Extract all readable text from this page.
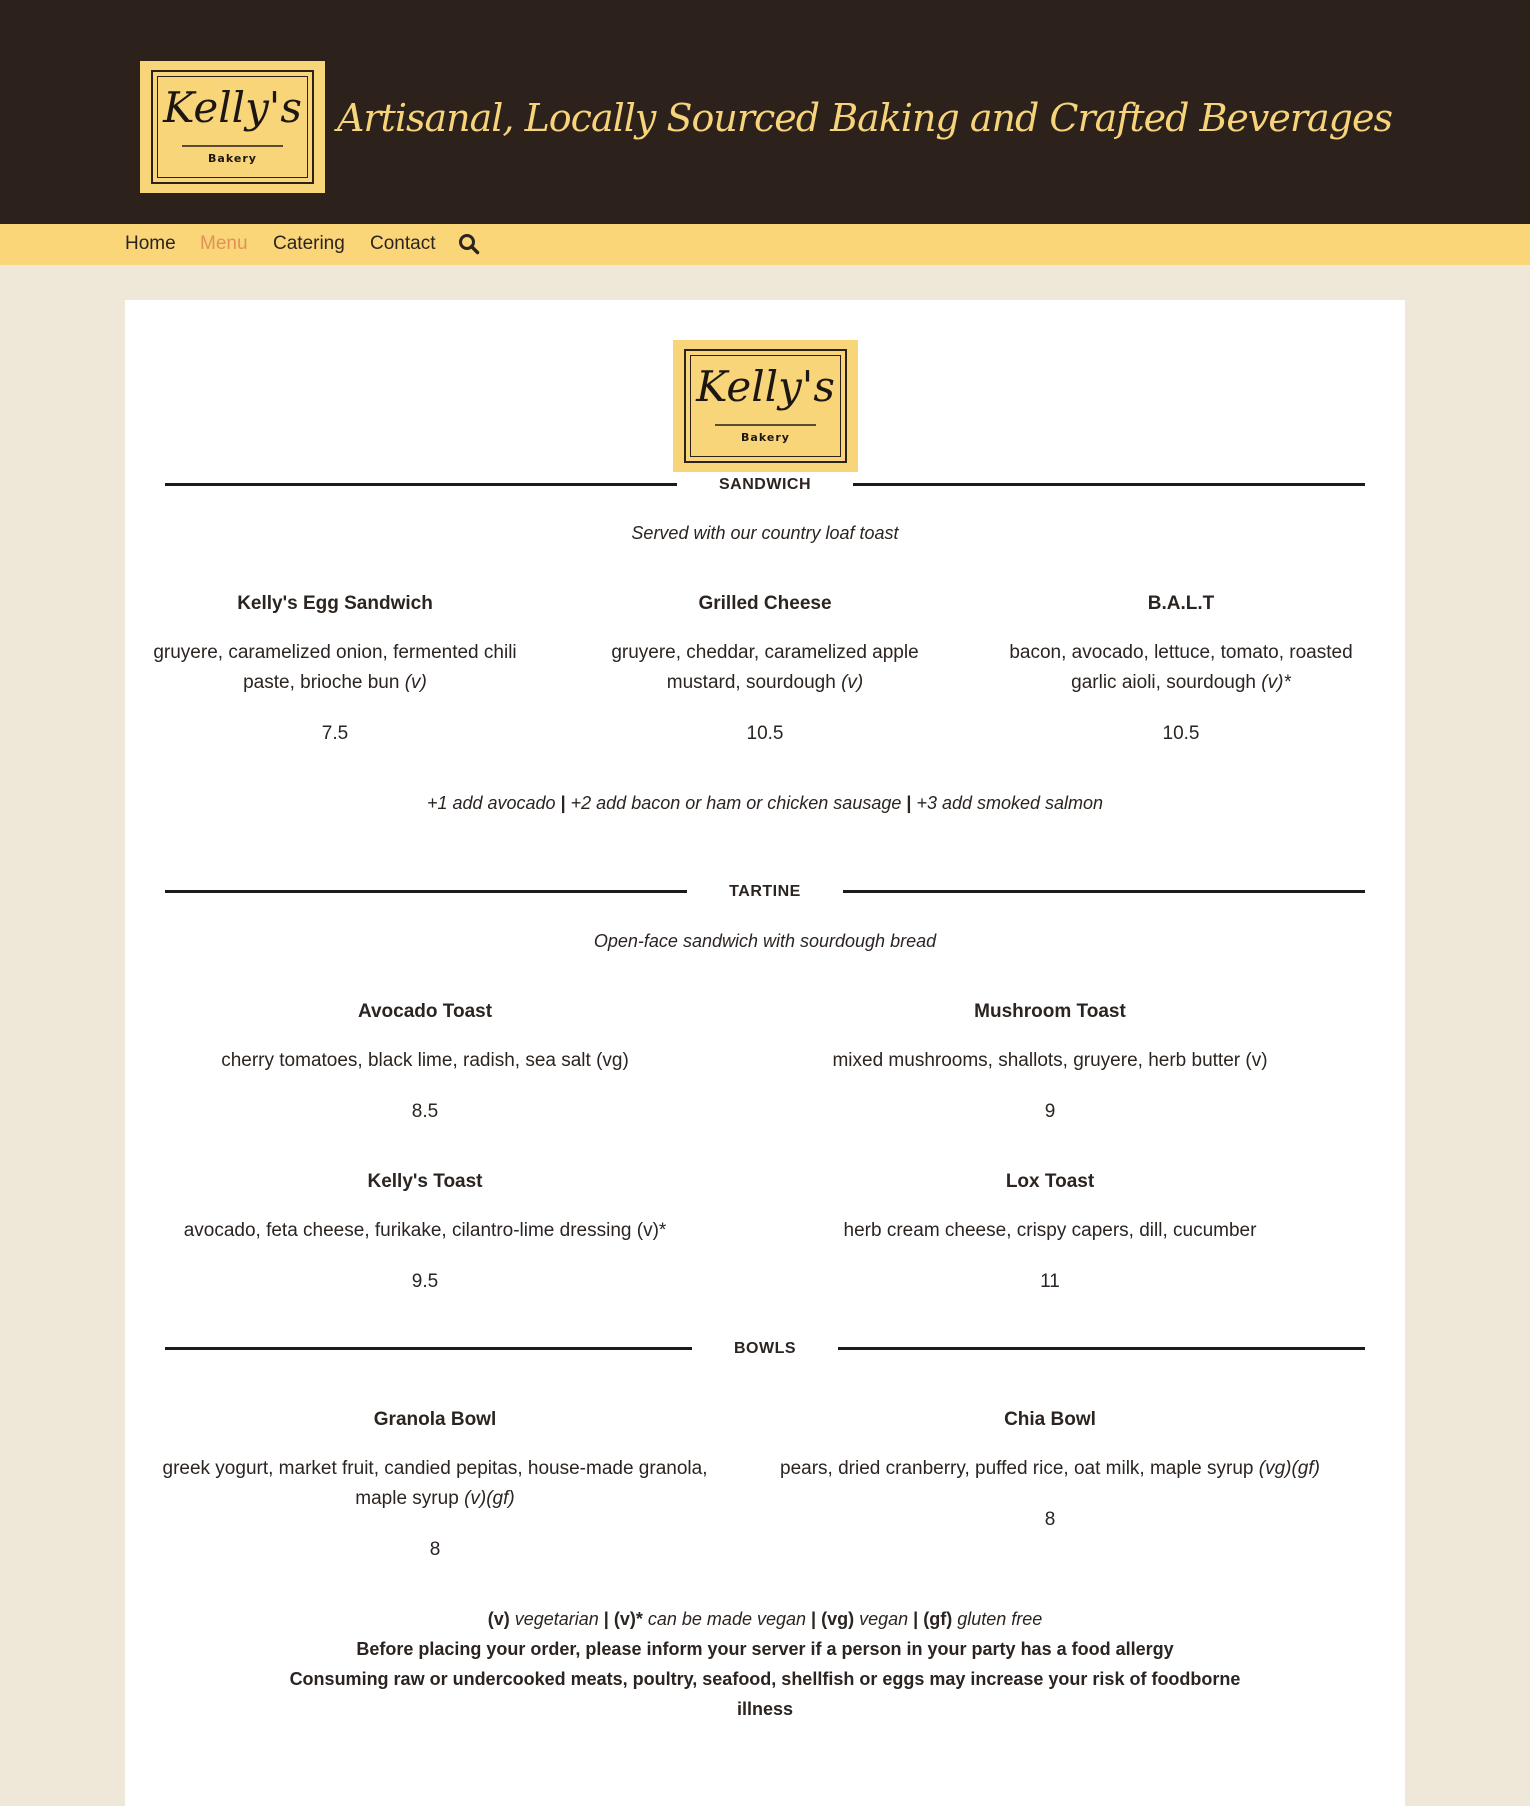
Kelly's
Bakery
Artisanal, Locally Sourced Baking and Crafted Beverages
Home Menu Catering Contact
Kelly's
Bakery
SANDWICH
Served with our country loaf toast
Kelly's Egg Sandwich
gruyere, caramelized onion, fermented chili
paste, brioche bun (v)
7.5
Grilled Cheese
gruyere, cheddar, caramelized apple
mustard, sourdough (v)
10.5
B.A.L.T
bacon, avocado, lettuce, tomato, roasted
garlic aioli, sourdough (v)*
10.5
+1 add avocado | +2 add bacon or ham or chicken sausage | +3 add smoked salmon
TARTINE
Open-face sandwich with sourdough bread
Avocado Toast
cherry tomatoes, black lime, radish, sea salt (vg)
8.5
Mushroom Toast
mixed mushrooms, shallots, gruyere, herb butter (v)
9
Kelly's Toast
avocado, feta cheese, furikake, cilantro-lime dressing (v)*
9.5
Lox Toast
herb cream cheese, crispy capers, dill, cucumber
11
BOWLS
Granola Bowl
greek yogurt, market fruit, candied pepitas, house-made granola,
maple syrup (v)(gf)
8
Chia Bowl
pears, dried cranberry, puffed rice, oat milk, maple syrup (vg)(gf)
8
(v) vegetarian | (v)* can be made vegan | (vg) vegan | (gf) gluten free
Before placing your order, please inform your server if a person in your party has a food allergy
Consuming raw or undercooked meats, poultry, seafood, shellfish or eggs may increase your risk of foodborne
illness
